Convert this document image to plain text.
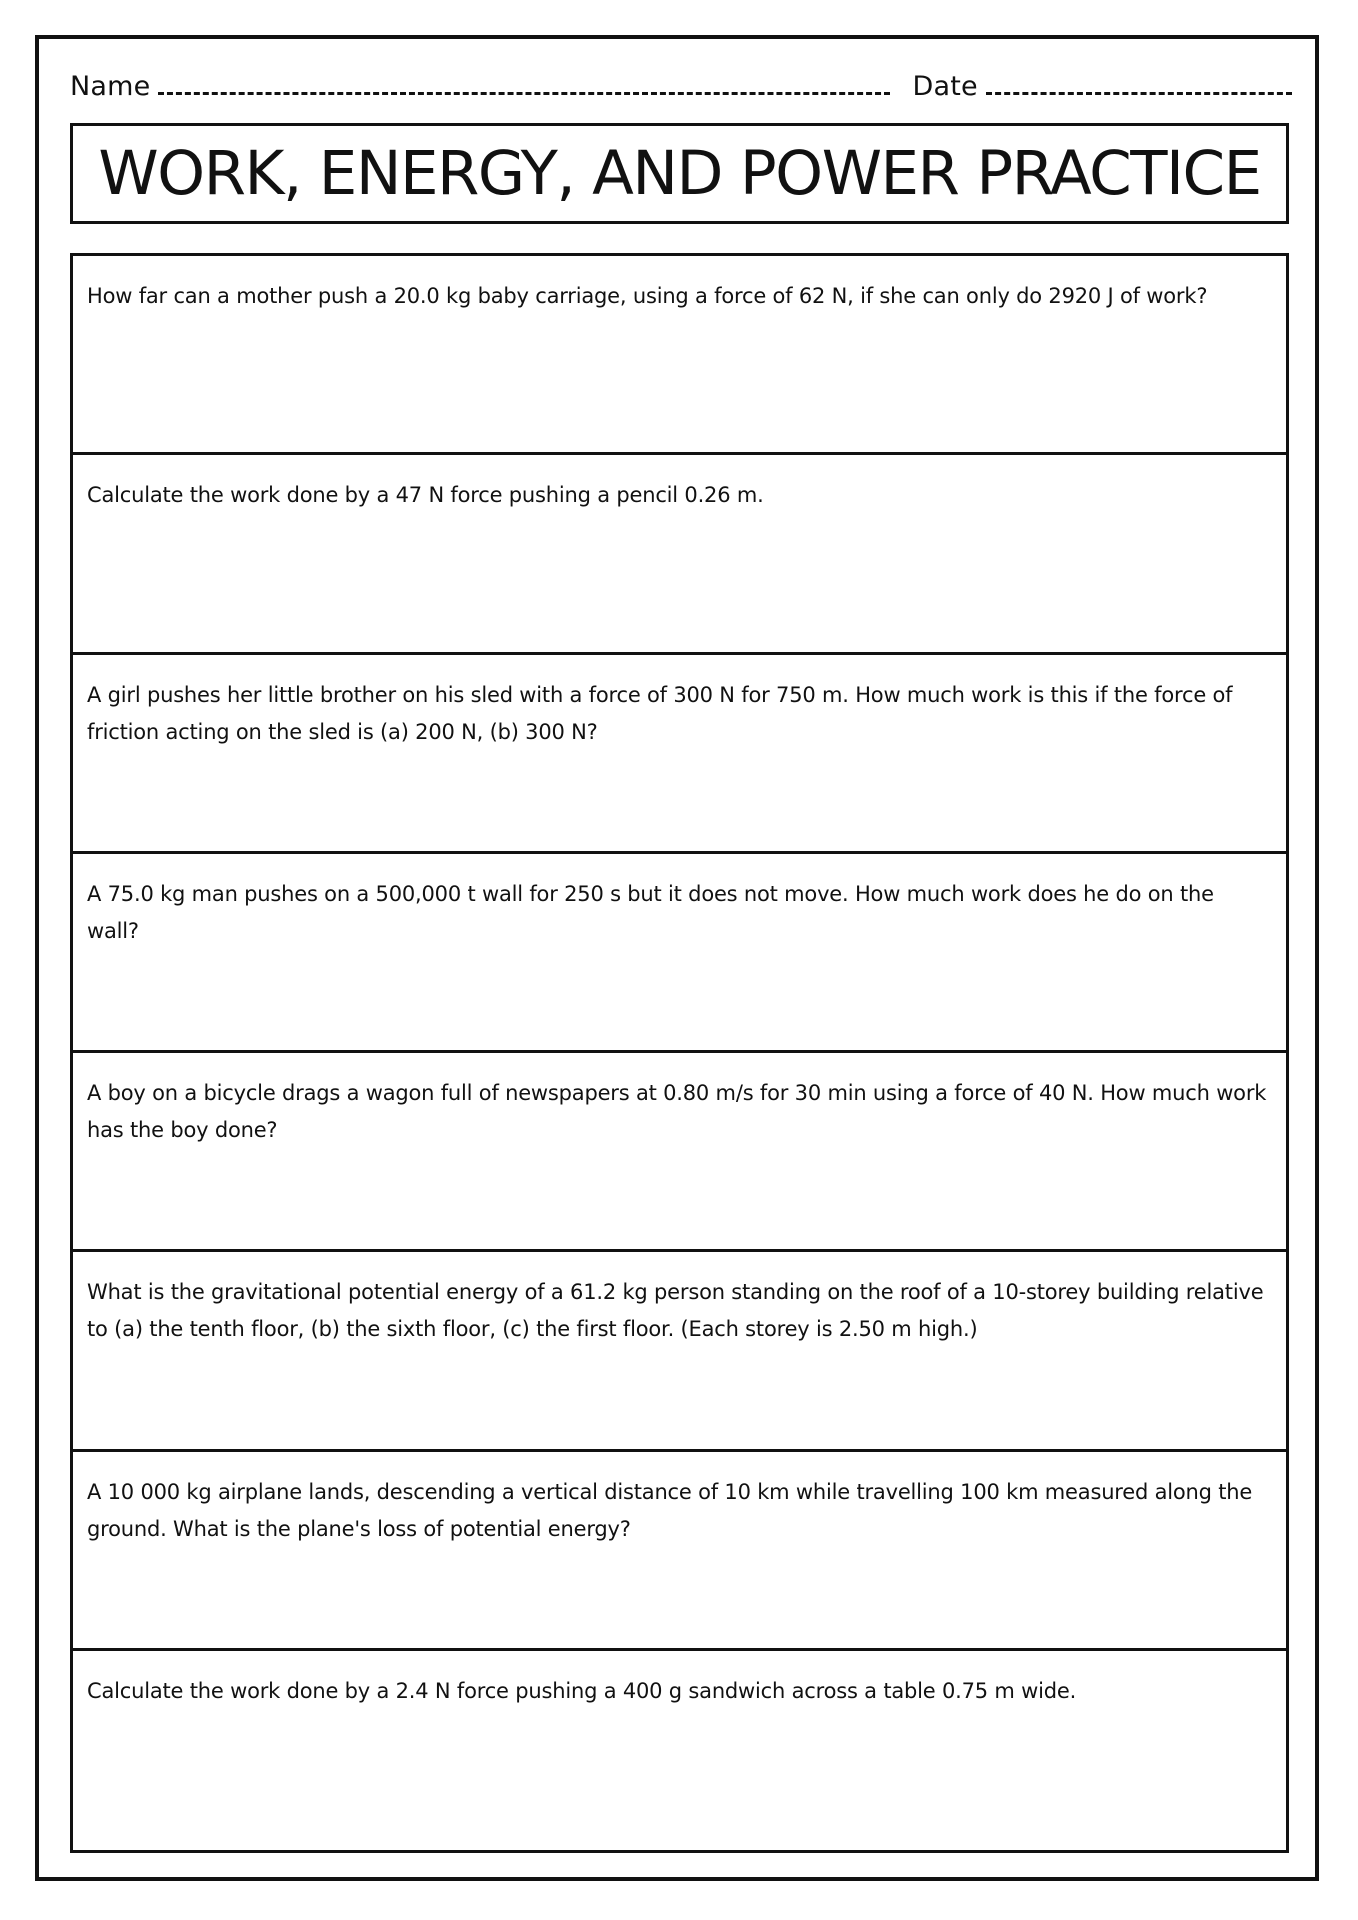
Name	Date
WORK, ENERGY, AND POWER PRACTICE
How far can a mother push a 20.0 kg baby carriage, using a force of 62 N, if she can only do 2920 J of work?
Calculate the work done by a 47 N force pushing a pencil 0.26 m.
A girl pushes her little brother on his sled with a force of 300 N for 750 m. How much work is this if the force of friction acting on the sled is (a) 200 N, (b) 300 N?
A 75.0 kg man pushes on a 500,000 t wall for 250 s but it does not move. How much work does he do on the wall?
A boy on a bicycle drags a wagon full of newspapers at 0.80 m/s for 30 min using a force of 40 N. How much work has the boy done?
What is the gravitational potential energy of a 61.2 kg person standing on the roof of a 10-storey building relative to (a) the tenth floor, (b) the sixth floor, (c) the first floor. (Each storey is 2.50 m high.)
A 10 000 kg airplane lands, descending a vertical distance of 10 km while travelling 100 km measured along the ground. What is the plane's loss of potential energy?
Calculate the work done by a 2.4 N force pushing a 400 g sandwich across a table 0.75 m wide.
